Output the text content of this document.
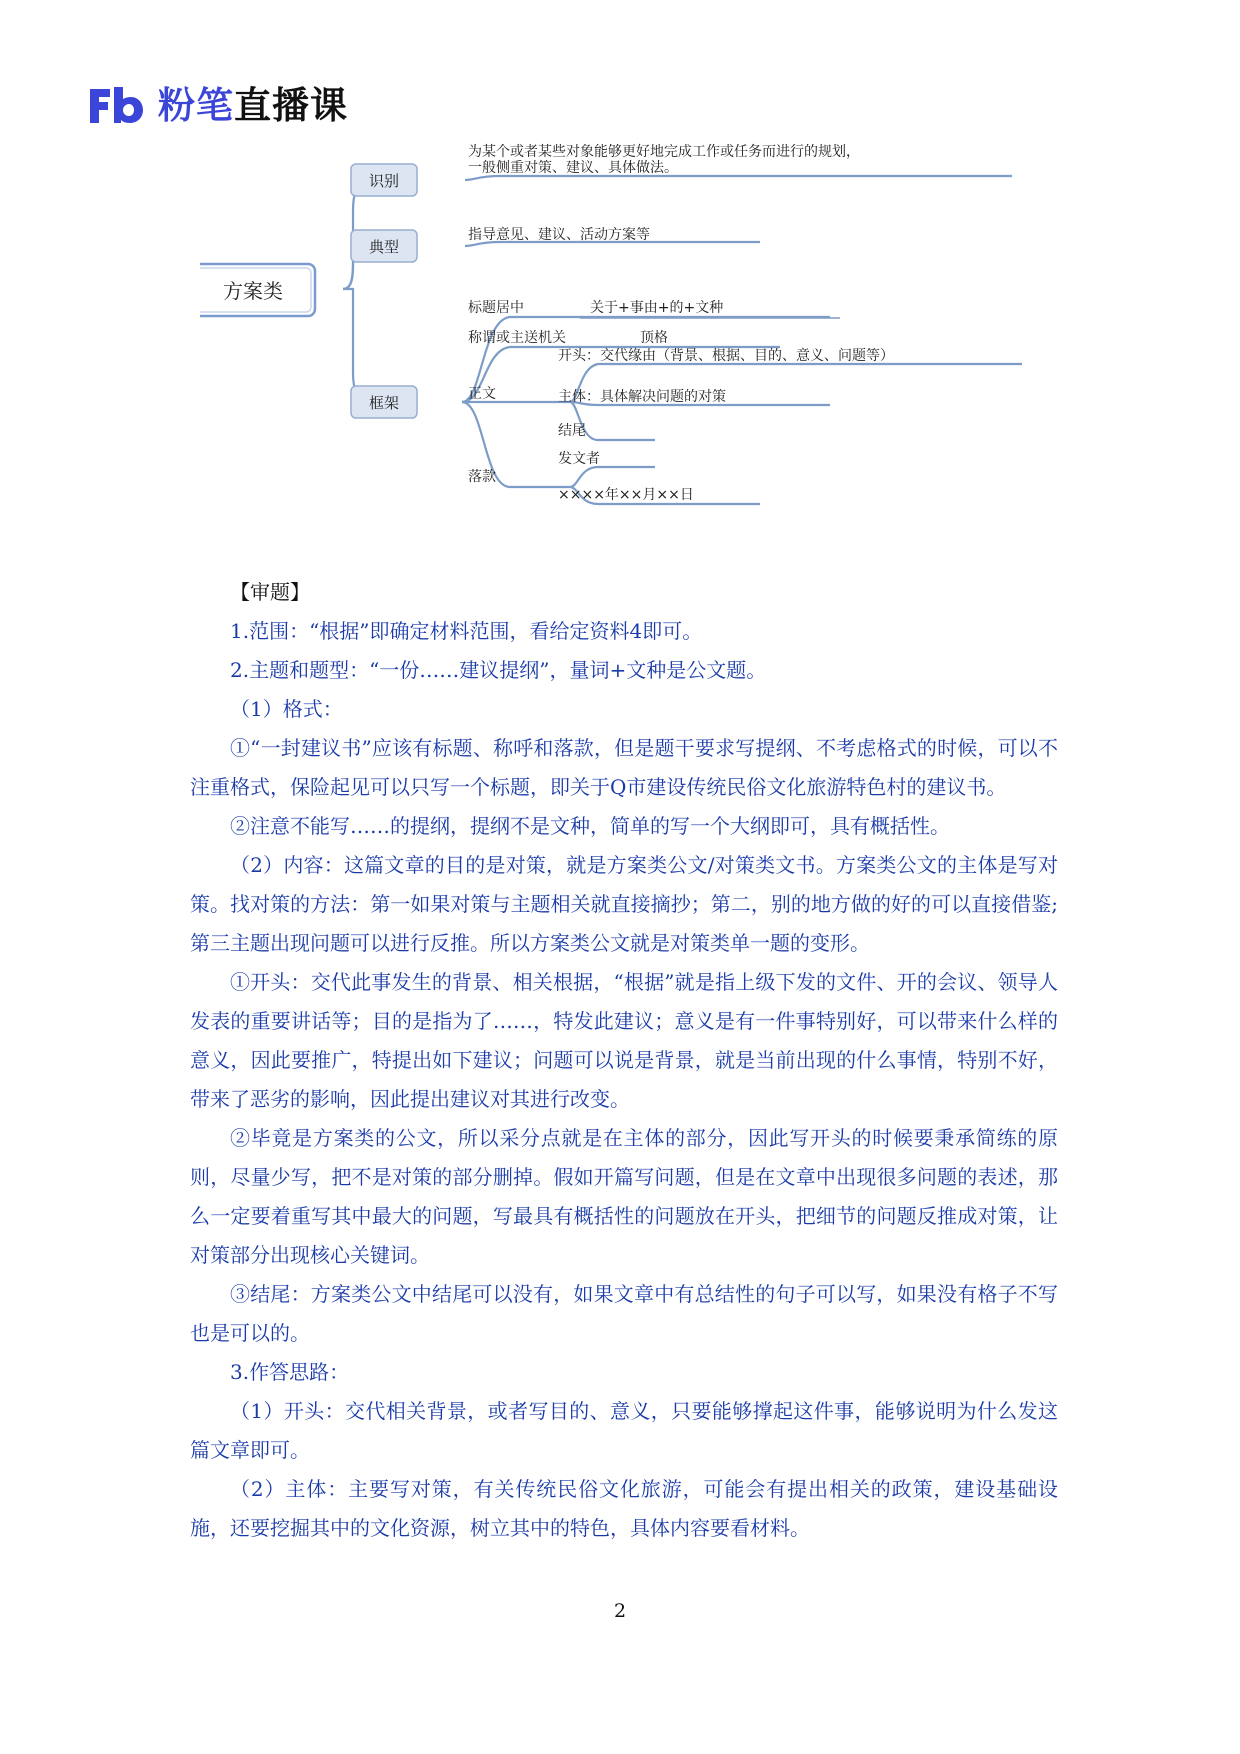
粉笔直播课
方案类
识别
典型
框架
为某个或者某些对象能够更好地完成工作或任务而进行的规划，
一般侧重对策、建议、具体做法。
指导意见、建议、活动方案等
标题居中	关于+事由+的+文种
称谓或主送机关	顶格
正文
开头：交代缘由（背景、根据、目的、意义、问题等）
主体：具体解决问题的对策
结尾
落款
发文者
××××年××月××日

【审题】

1.范围：“根据”即确定材料范围，看给定资料4即可。

2.主题和题型：“一份……建议提纲”，量词+文种是公文题。

（1）格式：

①“一封建议书”应该有标题、称呼和落款，但是题干要求写提纲、不考虑格式的时候，可以不注重格式，保险起见可以只写一个标题，即关于Q市建设传统民俗文化旅游特色村的建议书。

②注意不能写……的提纲，提纲不是文种，简单的写一个大纲即可，具有概括性。

（2）内容：这篇文章的目的是对策，就是方案类公文/对策类文书。方案类公文的主体是写对策。找对策的方法：第一如果对策与主题相关就直接摘抄；第二，别的地方做的好的可以直接借鉴;第三主题出现问题可以进行反推。所以方案类公文就是对策类单一题的变形。

①开头：交代此事发生的背景、相关根据，“根据”就是指上级下发的文件、开的会议、领导人发表的重要讲话等；目的是指为了……，特发此建议；意义是有一件事特别好，可以带来什么样的意义，因此要推广，特提出如下建议；问题可以说是背景，就是当前出现的什么事情，特别不好，带来了恶劣的影响，因此提出建议对其进行改变。

②毕竟是方案类的公文，所以采分点就是在主体的部分，因此写开头的时候要秉承简练的原则，尽量少写，把不是对策的部分删掉。假如开篇写问题，但是在文章中出现很多问题的表述，那么一定要着重写其中最大的问题，写最具有概括性的问题放在开头，把细节的问题反推成对策，让对策部分出现核心关键词。

③结尾：方案类公文中结尾可以没有，如果文章中有总结性的句子可以写，如果没有格子不写也是可以的。

3.作答思路：

（1）开头：交代相关背景，或者写目的、意义，只要能够撑起这件事，能够说明为什么发这篇文章即可。

（2）主体：主要写对策，有关传统民俗文化旅游，可能会有提出相关的政策，建设基础设施，还要挖掘其中的文化资源，树立其中的特色，具体内容要看材料。

2
